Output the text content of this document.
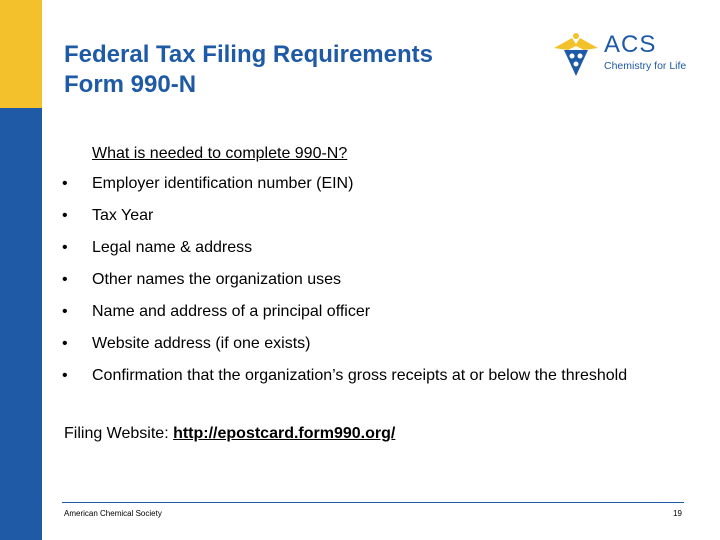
Federal Tax Filing Requirements
Form 990-N
ACS
Chemistry for Life
What is needed to complete 990-N?
•	Employer identification number (EIN)
•	Tax Year
•	Legal name & address
•	Other names the organization uses
•	Name and address of a principal officer
•	Website address (if one exists)
•	Confirmation that the organization’s gross receipts at or below the threshold
Filing Website: http://epostcard.form990.org/
American Chemical Society	19
